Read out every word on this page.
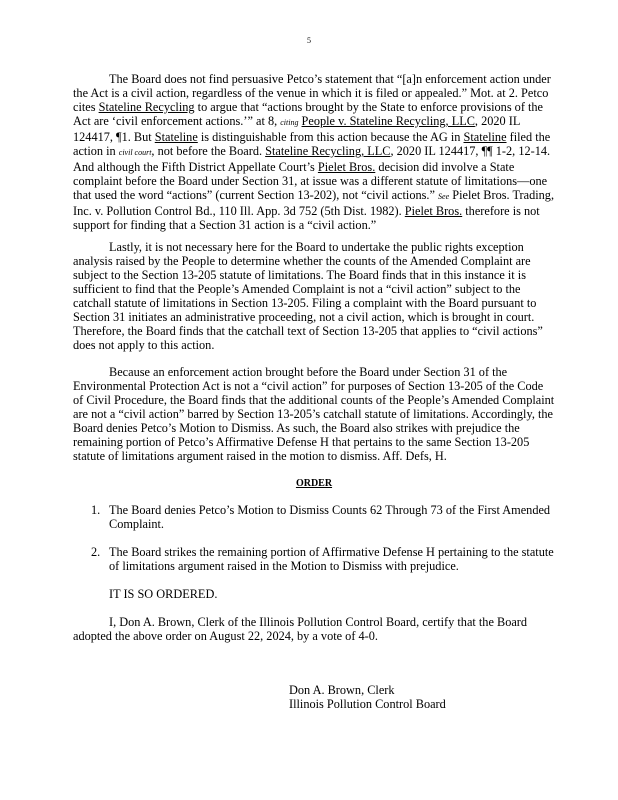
5

The Board does not find persuasive Petco’s statement that “[a]n enforcement action under the Act is a civil action, regardless of the venue in which it is filed or appealed.” Mot. at 2. Petco cites Stateline Recycling to argue that “actions brought by the State to enforce provisions of the Act are ‘civil enforcement actions.’” at 8, citing People v. Stateline Recycling, LLC, 2020 IL 124417, ¶1. But Stateline is distinguishable from this action because the AG in Stateline filed the action in civil court, not before the Board. Stateline Recycling, LLC, 2020 IL 124417, ¶¶ 1-2, 12-14. And although the Fifth District Appellate Court’s Pielet Bros. decision did involve a State complaint before the Board under Section 31, at issue was a different statute of limitations—one that used the word “actions” (current Section 13-202), not “civil actions.” See Pielet Bros. Trading, Inc. v. Pollution Control Bd., 110 Ill. App. 3d 752 (5th Dist. 1982). Pielet Bros. therefore is not support for finding that a Section 31 action is a “civil action.”

Lastly, it is not necessary here for the Board to undertake the public rights exception analysis raised by the People to determine whether the counts of the Amended Complaint are subject to the Section 13-205 statute of limitations. The Board finds that in this instance it is sufficient to find that the People’s Amended Complaint is not a “civil action” subject to the catchall statute of limitations in Section 13-205. Filing a complaint with the Board pursuant to Section 31 initiates an administrative proceeding, not a civil action, which is brought in court. Therefore, the Board finds that the catchall text of Section 13-205 that applies to “civil actions” does not apply to this action.

Because an enforcement action brought before the Board under Section 31 of the Environmental Protection Act is not a “civil action” for purposes of Section 13-205 of the Code of Civil Procedure, the Board finds that the additional counts of the People’s Amended Complaint are not a “civil action” barred by Section 13-205’s catchall statute of limitations. Accordingly, the Board denies Petco’s Motion to Dismiss. As such, the Board also strikes with prejudice the remaining portion of Petco’s Affirmative Defense H that pertains to the same Section 13-205 statute of limitations argument raised in the motion to dismiss. Aff. Defs, H.

ORDER
1. The Board denies Petco’s Motion to Dismiss Counts 62 Through 73 of the First Amended Complaint.
2. The Board strikes the remaining portion of Affirmative Defense H pertaining to the statute of limitations argument raised in the Motion to Dismiss with prejudice.

IT IS SO ORDERED.

I, Don A. Brown, Clerk of the Illinois Pollution Control Board, certify that the Board adopted the above order on August 22, 2024, by a vote of 4-0.

Don A. Brown, Clerk
Illinois Pollution Control Board
